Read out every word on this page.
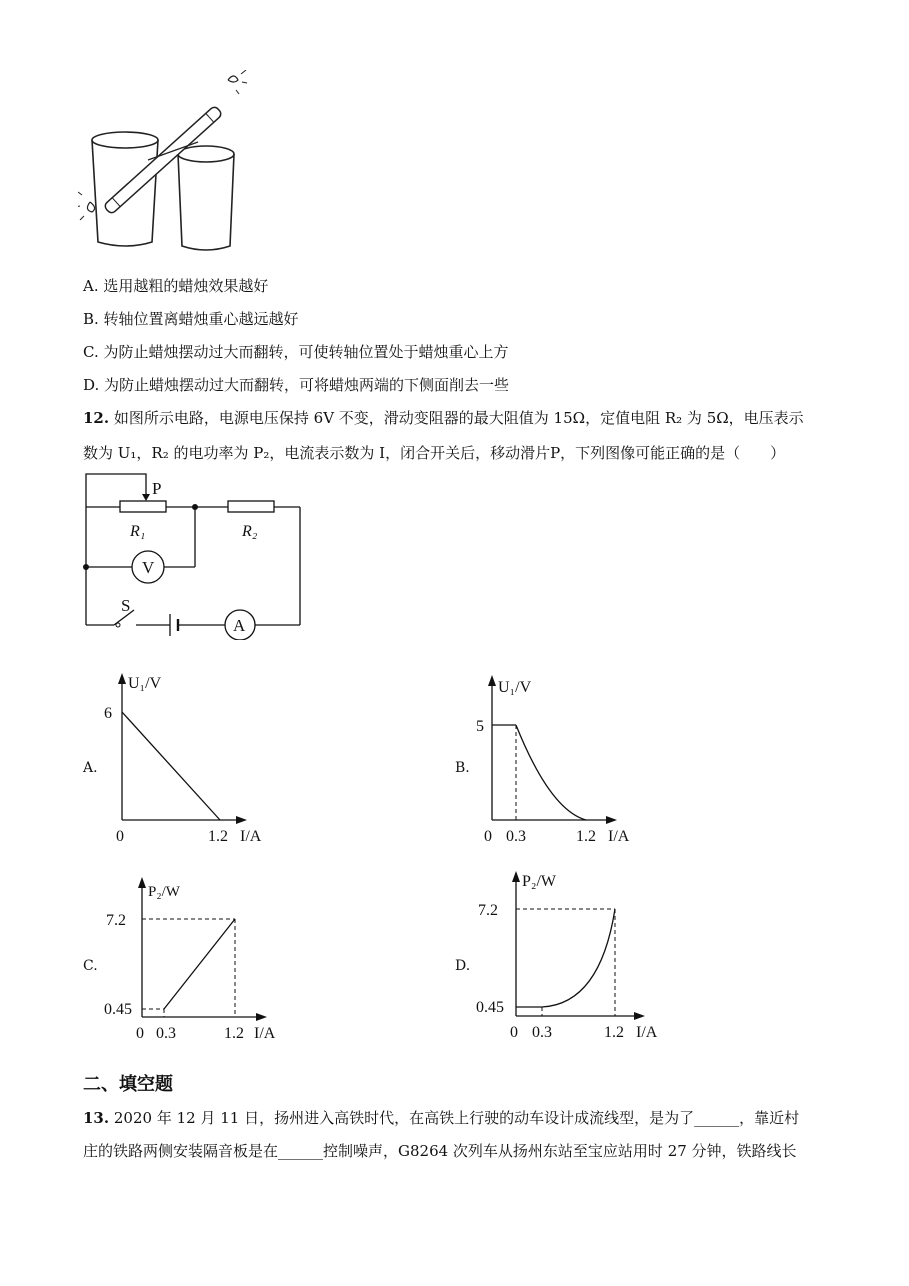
A. 选用越粗的蜡烛效果越好
B. 转轴位置离蜡烛重心越远越好
C. 为防止蜡烛摆动过大而翻转，可使转轴位置处于蜡烛重心上方
D. 为防止蜡烛摆动过大而翻转，可将蜡烛两端的下侧面削去一些
12. 如图所示电路，电源电压保持 6V 不变，滑动变阻器的最大阻值为 15Ω，定值电阻 R₂ 为 5Ω，电压表示
数为 U₁，R₂ 的电功率为 P₂，电流表示数为 I，闭合开关后，移动滑片P，下列图像可能正确的是（　　）
P
R₁	R₂
V
S
A
A.
U₁/V
6
0	1.2 I/A
B.
U₁/V
5
0 0.3	1.2 I/A
C.
P₂/W
7.2
0.45
0 0.3	1.2 I/A
D.
P₂/W
7.2
0.45
0 0.3	1.2 I/A
二、填空题
13. 2020 年 12 月 11 日，扬州进入高铁时代，在高铁上行驶的动车设计成流线型，是为了______，靠近村
庄的铁路两侧安装隔音板是在______控制噪声，G8264 次列车从扬州东站至宝应站用时 27 分钟，铁路线长
